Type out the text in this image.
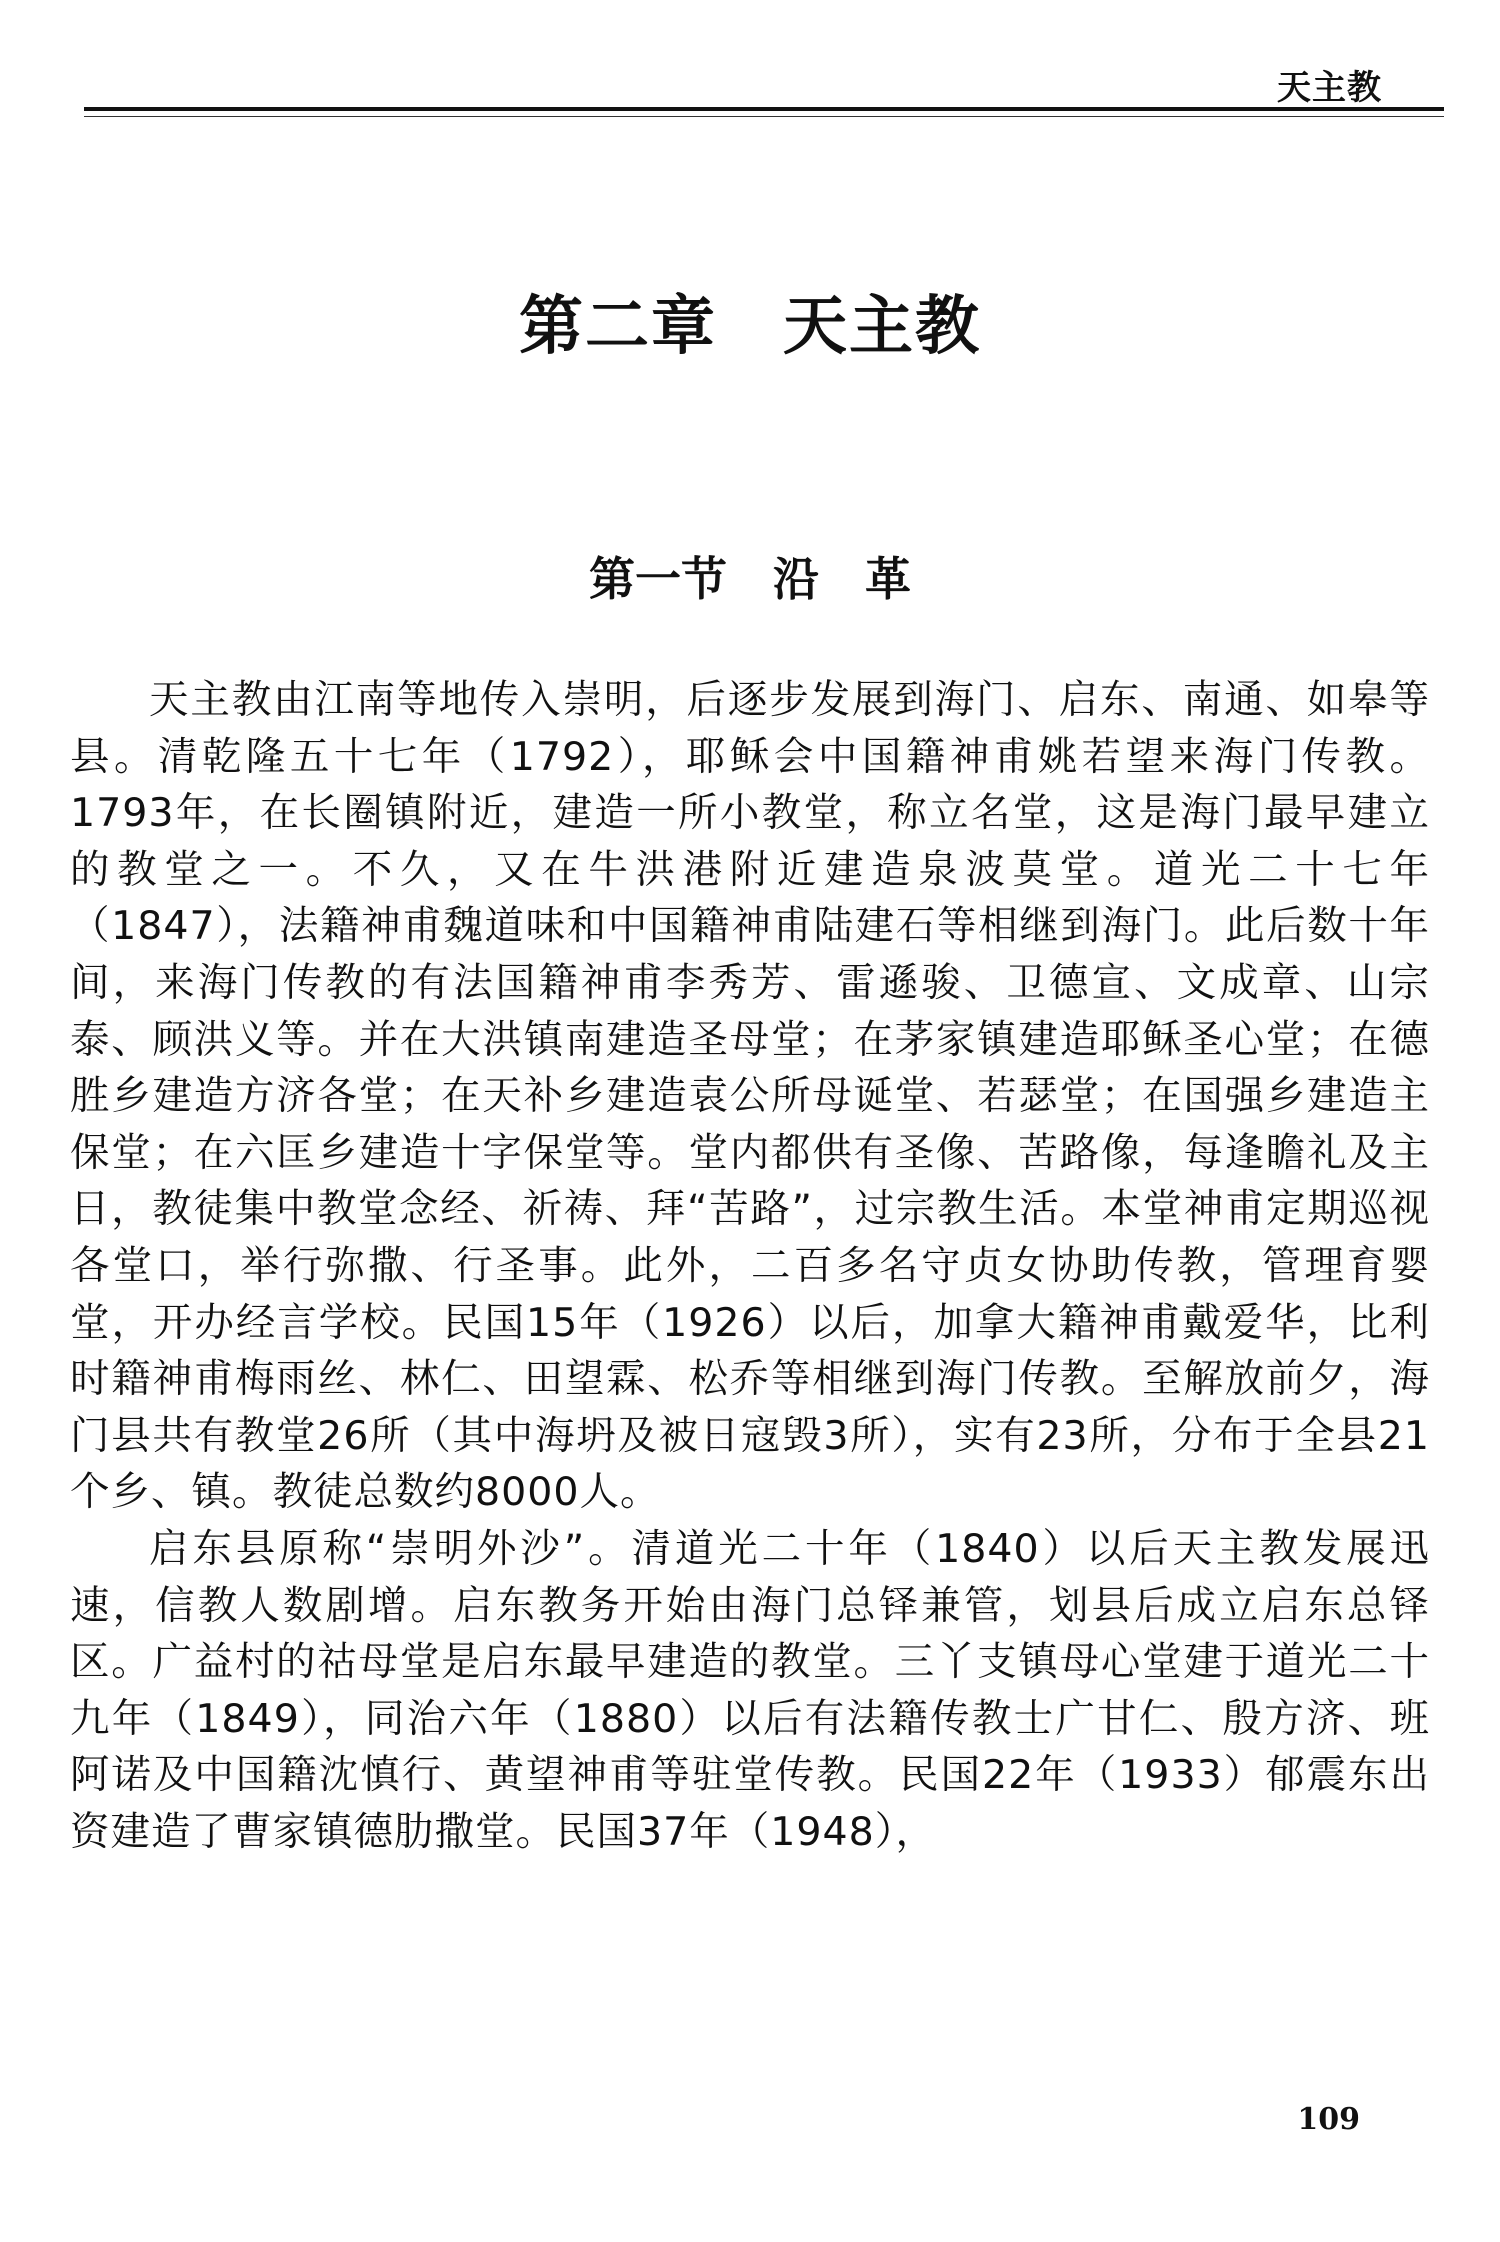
天主教
第二章　天主教
第一节　沿　革

天主教由江南等地传入崇明，后逐步发展到海门、启东、南通、如皋等县。清乾隆五十七年（1792），耶稣会中国籍神甫姚若望来海门传教。1793年，在长圈镇附近，建造一所小教堂，称立名堂，这是海门最早建立的教堂之一。不久，又在牛洪港附近建造泉波莫堂。道光二十七年（1847），法籍神甫魏道味和中国籍神甫陆建石等相继到海门。此后数十年间，来海门传教的有法国籍神甫李秀芳、雷遜骏、卫德宣、文成章、山宗泰、顾洪义等。并在大洪镇南建造圣母堂；在茅家镇建造耶稣圣心堂；在德胜乡建造方济各堂；在天补乡建造袁公所母诞堂、若瑟堂；在国强乡建造主保堂；在六匡乡建造十字保堂等。堂内都供有圣像、苦路像，每逢瞻礼及主日，教徒集中教堂念经、祈祷、拜“苦路”，过宗教生活。本堂神甫定期巡视各堂口，举行弥撒、行圣事。此外，二百多名守贞女协助传教，管理育婴堂，开办经言学校。民国15年（1926）以后，加拿大籍神甫戴爱华，比利时籍神甫梅雨丝、林仁、田望霖、松乔等相继到海门传教。至解放前夕，海门县共有教堂26所（其中海坍及被日寇毁3所），实有23所，分布于全县21个乡、镇。教徒总数约8000人。

启东县原称“崇明外沙”。清道光二十年（1840）以后天主教发展迅速，信教人数剧增。启东教务开始由海门总铎兼管，划县后成立启东总铎区。广益村的祜母堂是启东最早建造的教堂。三丫支镇母心堂建于道光二十九年（1849），同治六年（1880）以后有法籍传教士广甘仁、殷方济、班阿诺及中国籍沈慎行、黄望神甫等驻堂传教。民国22年（1933）郁震东出资建造了曹家镇德肋撒堂。民国37年（1948），

109
